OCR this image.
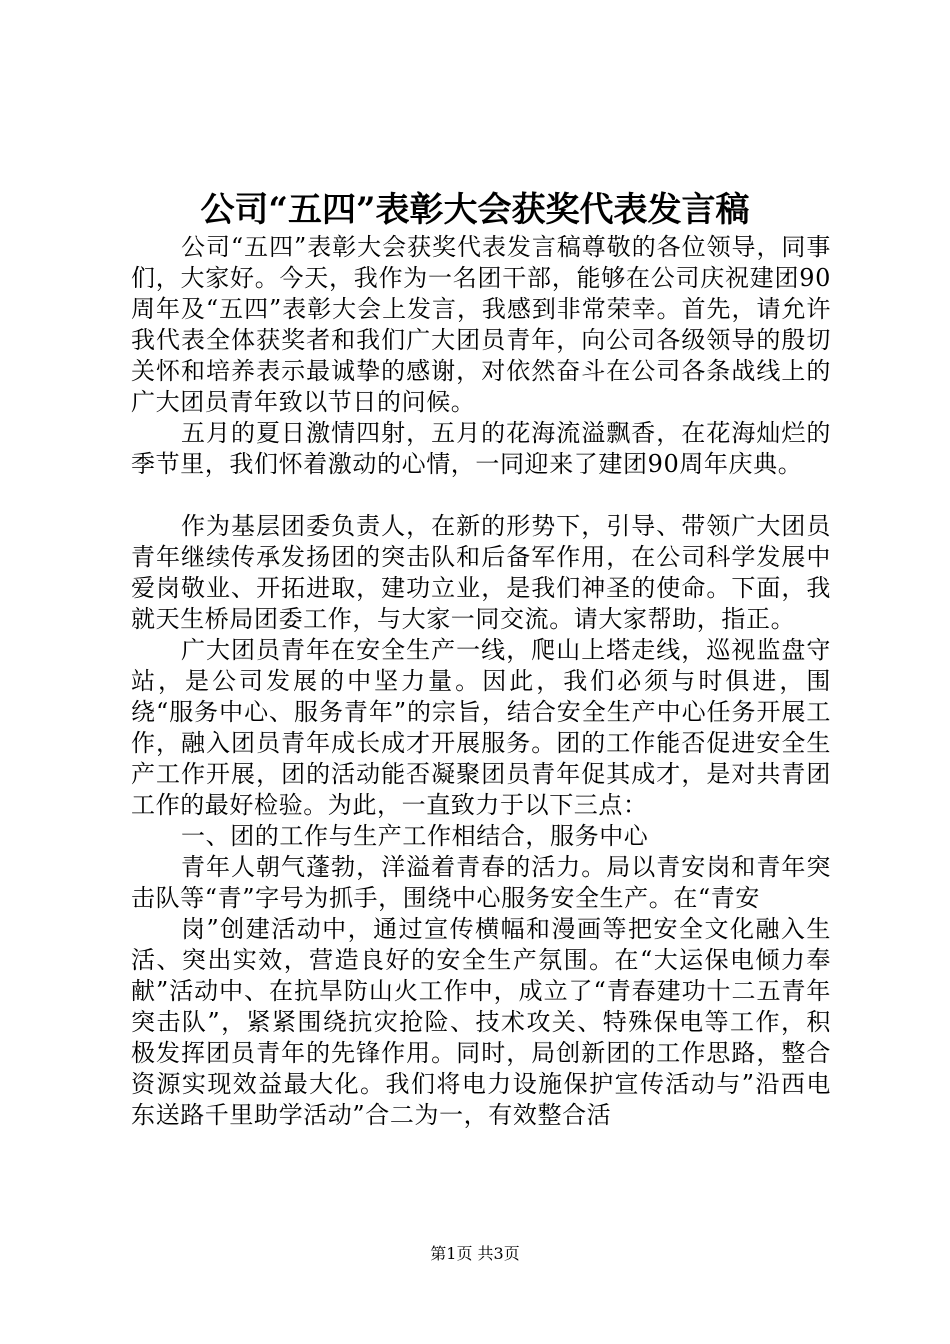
公司“五四”表彰大会获奖代表发言稿

公司“五四”表彰大会获奖代表发言稿尊敬的各位领导，同事们，大家好。今天，我作为一名团干部，能够在公司庆祝建团90周年及“五四”表彰大会上发言，我感到非常荣幸。首先，请允许我代表全体获奖者和我们广大团员青年，向公司各级领导的殷切关怀和培养表示最诚挚的感谢，对依然奋斗在公司各条战线上的广大团员青年致以节日的问候。

五月的夏日激情四射，五月的花海流溢飘香，在花海灿烂的季节里，我们怀着激动的心情，一同迎来了建团90周年庆典。

作为基层团委负责人，在新的形势下，引导、带领广大团员青年继续传承发扬团的突击队和后备军作用，在公司科学发展中爱岗敬业、开拓进取，建功立业，是我们神圣的使命。下面，我就天生桥局团委工作，与大家一同交流。请大家帮助，指正。

广大团员青年在安全生产一线，爬山上塔走线，巡视监盘守站，是公司发展的中坚力量。因此，我们必须与时俱进，围绕“服务中心、服务青年”的宗旨，结合安全生产中心任务开展工作，融入团员青年成长成才开展服务。团的工作能否促进安全生产工作开展，团的活动能否凝聚团员青年促其成才，是对共青团工作的最好检验。为此，一直致力于以下三点：

一、团的工作与生产工作相结合，服务中心

青年人朝气蓬勃，洋溢着青春的活力。局以青安岗和青年突击队等“青”字号为抓手，围绕中心服务安全生产。在“青安

岗”创建活动中，通过宣传横幅和漫画等把安全文化融入生活、突出实效，营造良好的安全生产氛围。在“大运保电倾力奉献”活动中、在抗旱防山火工作中，成立了“青春建功十二五青年突击队”，紧紧围绕抗灾抢险、技术攻关、特殊保电等工作，积极发挥团员青年的先锋作用。同时，局创新团的工作思路，整合资源实现效益最大化。我们将电力设施保护宣传活动与”沿西电东送路千里助学活动”合二为一，有效整合活

第1页 共3页
